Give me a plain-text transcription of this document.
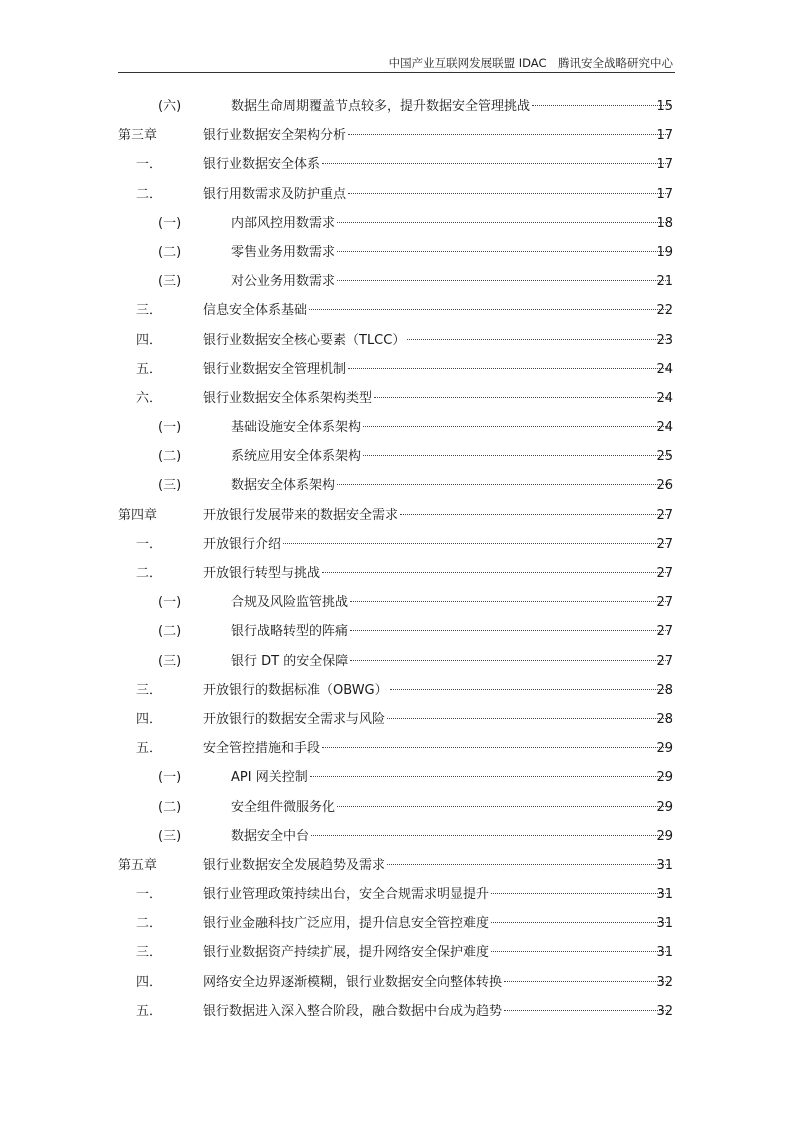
中国产业互联网发展联盟 IDAC　腾讯安全战略研究中心
(六)	数据生命周期覆盖节点较多，提升数据安全管理挑战	15
第三章	银行业数据安全架构分析	17
一．	银行业数据安全体系	17
二．	银行用数需求及防护重点	17
(一)	内部风控用数需求	18
(二)	零售业务用数需求	19
(三)	对公业务用数需求	21
三．	信息安全体系基础	22
四．	银行业数据安全核心要素（TLCC）	23
五．	银行业数据安全管理机制	24
六．	银行业数据安全体系架构类型	24
(一)	基础设施安全体系架构	24
(二)	系统应用安全体系架构	25
(三)	数据安全体系架构	26
第四章	开放银行发展带来的数据安全需求	27
一．	开放银行介绍	27
二．	开放银行转型与挑战	27
(一)	合规及风险监管挑战	27
(二)	银行战略转型的阵痛	27
(三)	银行 DT 的安全保障	27
三．	开放银行的数据标准（OBWG）	28
四．	开放银行的数据安全需求与风险	28
五．	安全管控措施和手段	29
(一)	API 网关控制	29
(二)	安全组件微服务化	29
(三)	数据安全中台	29
第五章	银行业数据安全发展趋势及需求	31
一．	银行业管理政策持续出台，安全合规需求明显提升	31
二．	银行业金融科技广泛应用，提升信息安全管控难度	31
三．	银行业数据资产持续扩展，提升网络安全保护难度	31
四．	网络安全边界逐渐模糊，银行业数据安全向整体转换	32
五．	银行数据进入深入整合阶段，融合数据中台成为趋势	32
